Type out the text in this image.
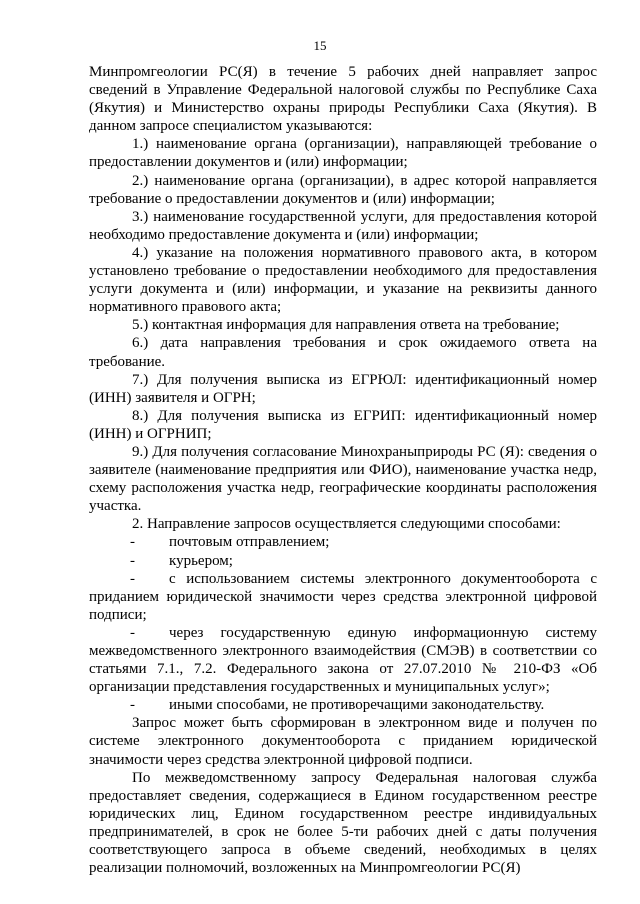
15

Минпромгеологии РС(Я) в течение 5 рабочих дней направляет запрос сведений в Управление Федеральной налоговой службы по Республике Саха (Якутия) и Министерство охраны природы Республики Саха (Якутия). В данном запросе специалистом указываются:

1.) наименование органа (организации), направляющей требование о предоставлении документов и (или) информации;

2.) наименование органа (организации), в адрес которой направляется требование о предоставлении документов и (или) информации;

3.) наименование государственной услуги, для предоставления которой необходимо предоставление документа и (или) информации;

4.) указание на положения нормативного правового акта, в котором установлено требование о предоставлении необходимого для предоставления услуги документа и (или) информации, и указание на реквизиты данного нормативного правового акта;

5.) контактная информация для направления ответа на требование;

6.) дата направления требования и срок ожидаемого ответа на требование.

7.) Для получения выписка из ЕГРЮЛ: идентификационный номер (ИНН) заявителя и ОГРН;

8.) Для получения выписка из ЕГРИП: идентификационный номер (ИНН) и ОГРНИП;

9.) Для получения согласование Минохраныприроды РС (Я): сведения о заявителе (наименование предприятия или ФИО), наименование участка недр, схему расположения участка недр, географические координаты расположения участка.

2. Направление запросов осуществляется следующими способами:

-	почтовым отправлением;
-	курьером;

- с использованием системы электронного документооборота с приданием юридической значимости через средства электронной цифровой подписи;

- через государственную единую информационную систему межведомственного электронного взаимодействия (СМЭВ) в соответствии со статьями 7.1., 7.2. Федерального закона от 27.07.2010 № 210-ФЗ «Об организации представления государственных и муниципальных услуг»;

-	иными способами, не противоречащими законодательству.

Запрос может быть сформирован в электронном виде и получен по системе электронного документооборота с приданием юридической значимости через средства электронной цифровой подписи.

По межведомственному запросу Федеральная налоговая служба предоставляет сведения, содержащиеся в Едином государственном реестре юридических лиц, Едином государственном реестре индивидуальных предпринимателей, в срок не более 5-ти рабочих дней с даты получения соответствующего запроса в объеме сведений, необходимых в целях реализации полномочий, возложенных на Минпромгеологии РС(Я)
